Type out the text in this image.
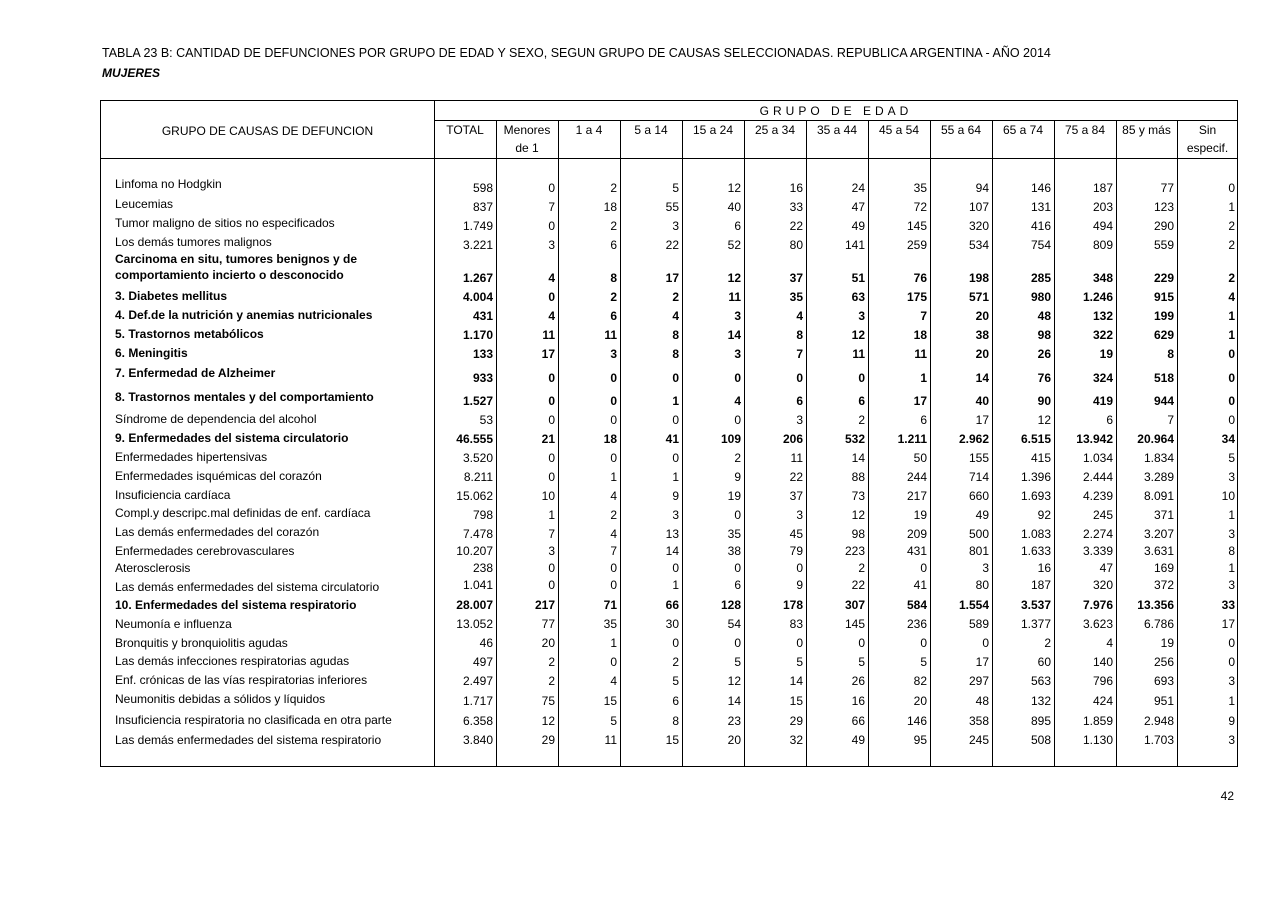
TABLA 23 B: CANTIDAD DE DEFUNCIONES POR GRUPO DE EDAD Y SEXO, SEGUN GRUPO DE CAUSAS SELECCIONADAS. REPUBLICA ARGENTINA - AÑO 2014
MUJERES
GRUPO DE CAUSAS DE DEFUNCION
GRUPO DE EDAD
TOTAL	Menores
de 1
1 a 4	5 a 14	15 a 24	25 a 34	35 a 44	45 a 54	55 a 64	65 a 74	75 a 84	85 y más	Sin
especif.
Linfoma no Hodgkin	598	0	2	5	12	16	24	35	94	146	187	77	0
Leucemias	837	7	18	55	40	33	47	72	107	131	203	123	1
Tumor maligno de sitios no especificados	1.749	0	2	3	6	22	49	145	320	416	494	290	2
Los demás tumores malignos	3.221	3	6	22	52	80	141	259	534	754	809	559	2
Carcinoma en situ, tumores benignos y de
comportamiento incierto o desconocido	1.267	4	8	17	12	37	51	76	198	285	348	229	2
3. Diabetes mellitus	4.004	0	2	2	11	35	63	175	571	980	1.246	915	4
4. Def.de la nutrición y anemias nutricionales	431	4	6	4	3	4	3	7	20	48	132	199	1
5. Trastornos metabólicos	1.170	11	11	8	14	8	12	18	38	98	322	629	1
6. Meningitis	133	17	3	8	3	7	11	11	20	26	19	8	0
7. Enfermedad de Alzheimer	933	0	0	0	0	0	0	1	14	76	324	518	0
8. Trastornos mentales y del comportamiento	1.527	0	0	1	4	6	6	17	40	90	419	944	0
Síndrome de dependencia del alcohol	53	0	0	0	0	3	2	6	17	12	6	7	0
9. Enfermedades del sistema circulatorio	46.555	21	18	41	109	206	532	1.211	2.962	6.515	13.942	20.964	34
Enfermedades hipertensivas	3.520	0	0	0	2	11	14	50	155	415	1.034	1.834	5
Enfermedades isquémicas del corazón	8.211	0	1	1	9	22	88	244	714	1.396	2.444	3.289	3
Insuficiencia cardíaca	15.062	10	4	9	19	37	73	217	660	1.693	4.239	8.091	10
Compl.y descripc.mal definidas de enf. cardíaca	798	1	2	3	0	3	12	19	49	92	245	371	1
Las demás enfermedades del corazón	7.478	7	4	13	35	45	98	209	500	1.083	2.274	3.207	3
Enfermedades cerebrovasculares	10.207	3	7	14	38	79	223	431	801	1.633	3.339	3.631	8
Aterosclerosis	238	0	0	0	0	0	2	0	3	16	47	169	1
Las demás enfermedades del sistema circulatorio	1.041	0	0	1	6	9	22	41	80	187	320	372	3
10. Enfermedades del sistema respiratorio	28.007	217	71	66	128	178	307	584	1.554	3.537	7.976	13.356	33
Neumonía e influenza	13.052	77	35	30	54	83	145	236	589	1.377	3.623	6.786	17
Bronquitis y bronquiolitis agudas	46	20	1	0	0	0	0	0	0	2	4	19	0
Las demás infecciones respiratorias agudas	497	2	0	2	5	5	5	5	17	60	140	256	0
Enf. crónicas de las vías respiratorias inferiores	2.497	2	4	5	12	14	26	82	297	563	796	693	3
Neumonitis debidas a sólidos y líquidos	1.717	75	15	6	14	15	16	20	48	132	424	951	1
Insuficiencia respiratoria no clasificada en otra parte	6.358	12	5	8	23	29	66	146	358	895	1.859	2.948	9
Las demás enfermedades del sistema respiratorio	3.840	29	11	15	20	32	49	95	245	508	1.130	1.703	3
42
